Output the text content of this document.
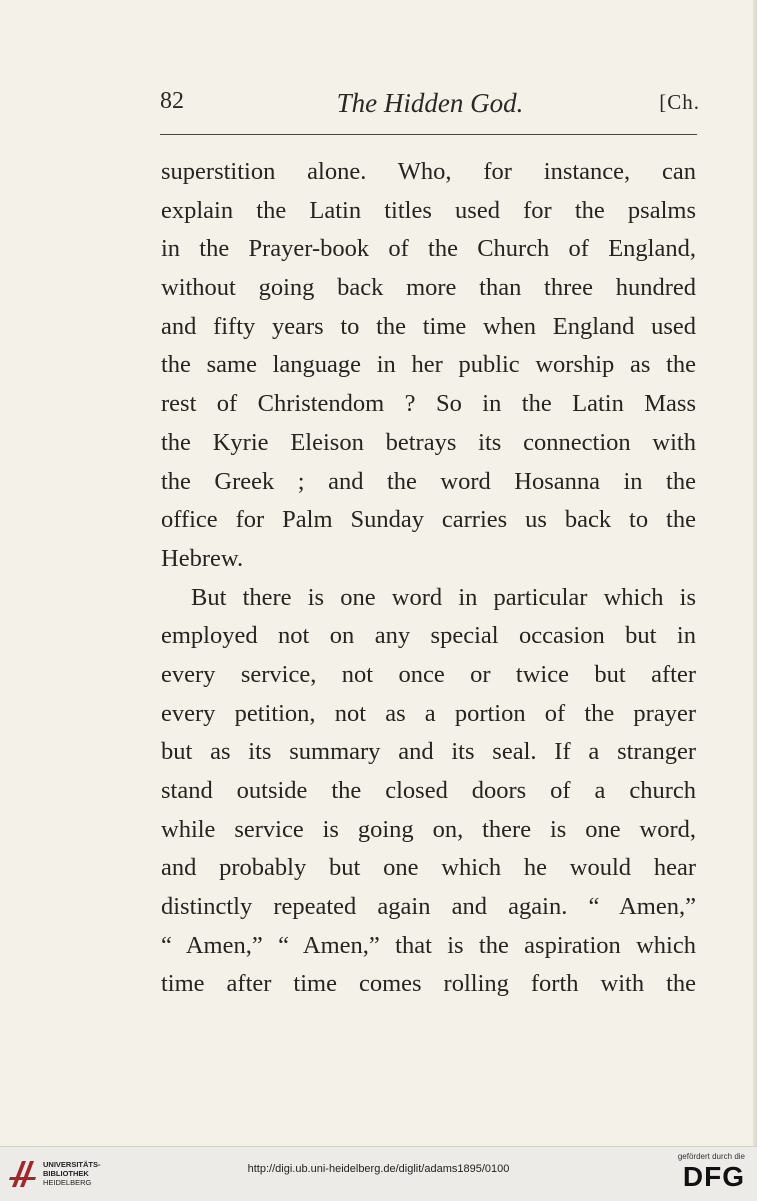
82	The Hidden God.	[Ch.
superstition alone. Who, for instance, can
explain the Latin titles used for the psalms
in the Prayer-book of the Church of England,
without going back more than three hundred
and fifty years to the time when England used
the same language in her public worship as the
rest of Christendom ? So in the Latin Mass
the Kyrie Eleison betrays its connection with
the Greek ; and the word Hosanna in the
office for Palm Sunday carries us back to the
Hebrew.
But there is one word in particular which is
employed not on any special occasion but in
every service, not once or twice but after
every petition, not as a portion of the prayer
but as its summary and its seal. If a stranger
stand outside the closed doors of a church
while service is going on, there is one word,
and probably but one which he would hear
distinctly repeated again and again. “ Amen,”
“ Amen,” “ Amen,” that is the aspiration which
time after time comes rolling forth with the
UNIVERSITÄTS-
BIBLIOTHEK
HEIDELBERG
http://digi.ub.uni-heidelberg.de/diglit/adams1895/0100
gefördert durch die
DFG
